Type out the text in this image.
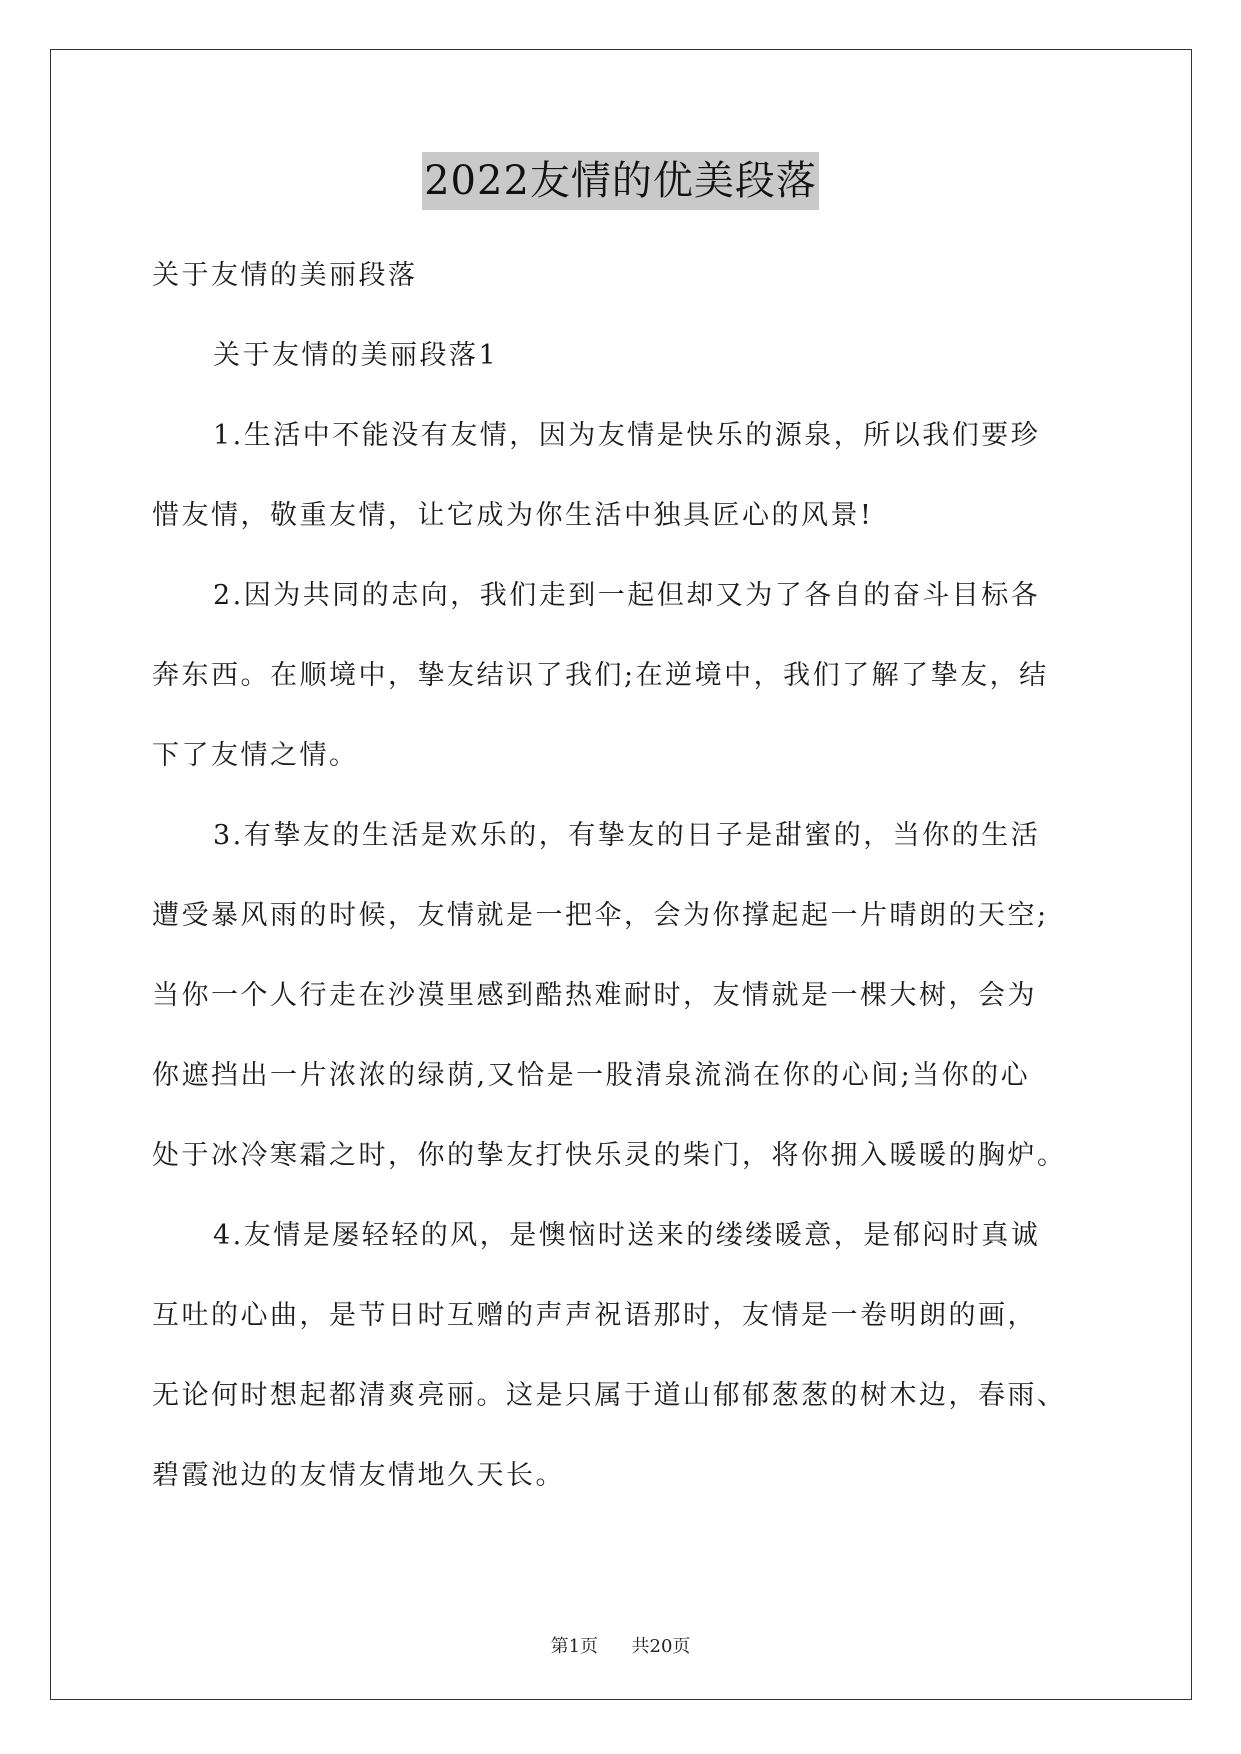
2022友情的优美段落

关于友情的美丽段落

关于友情的美丽段落1

1.生活中不能没有友情，因为友情是快乐的源泉，所以我们要珍

惜友情，敬重友情，让它成为你生活中独具匠心的风景!

2.因为共同的志向，我们走到一起但却又为了各自的奋斗目标各

奔东西。在顺境中，挚友结识了我们;在逆境中，我们了解了挚友，结

下了友情之情。

3.有挚友的生活是欢乐的，有挚友的日子是甜蜜的，当你的生活

遭受暴风雨的时候，友情就是一把伞，会为你撑起起一片晴朗的天空;

当你一个人行走在沙漠里感到酷热难耐时，友情就是一棵大树，会为

你遮挡出一片浓浓的绿荫,又恰是一股清泉流淌在你的心间;当你的心

处于冰冷寒霜之时，你的挚友打快乐灵的柴门，将你拥入暖暖的胸炉。

4.友情是屡轻轻的风，是懊恼时送来的缕缕暖意，是郁闷时真诚

互吐的心曲，是节日时互赠的声声祝语那时，友情是一卷明朗的画，

无论何时想起都清爽亮丽。这是只属于道山郁郁葱葱的树木边，春雨、

碧霞池边的友情友情地久天长。

第1页 共20页
